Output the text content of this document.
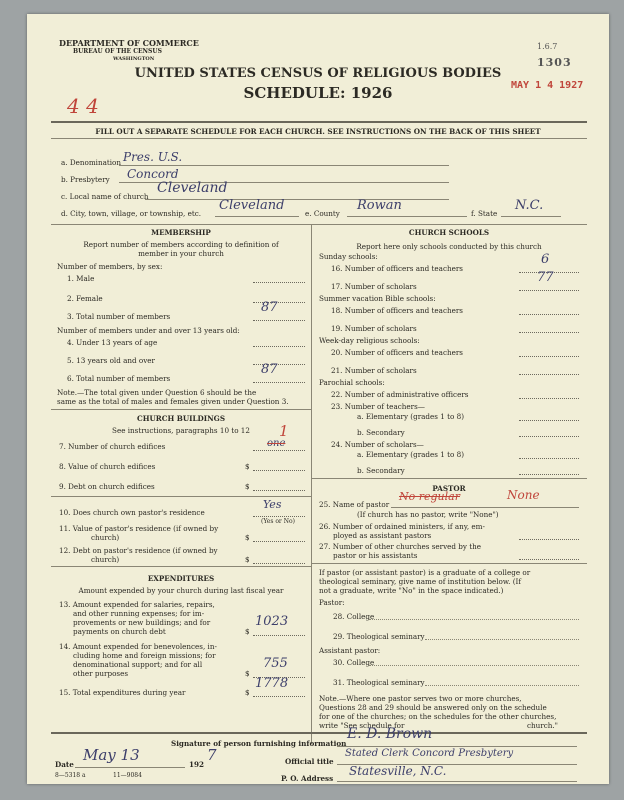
DEPARTMENT OF COMMERCE
BUREAU OF THE CENSUS
WASHINGTON
UNITED STATES CENSUS OF RELIGIOUS BODIES
SCHEDULE: 1926
1.6.7
1303
MAY 1 4 1927
4 4
FILL OUT A SEPARATE SCHEDULE FOR EACH CHURCH. SEE INSTRUCTIONS ON THE BACK OF THIS SHEET
a. Denomination Pres. U.S.
b. Presbytery Concord
c. Local name of church
Cleveland
d. City, town, village, or township, etc.
Cleveland
e. County
Rowan
f. State
N.C.
MEMBERSHIP
Report number of members according to definition of
member in your church
Number of members, by sex:
1. Male
2. Female
3. Total number of members
87
Number of members under and over 13 years old:
4. Under 13 years of age
5. 13 years old and over
6. Total number of members
87
Note.—The total given under Question 6 should be the
same as the total of males and females given under Question 3.
CHURCH BUILDINGS
See instructions, paragraphs 10 to 12
7. Number of church edifices
1
one
8. Value of church edifices	$
9. Debt on church edifices	$
10. Does church own pastor's residence
Yes
(Yes or No)
11. Value of pastor's residence (if owned by
church)	$
12. Debt on pastor's residence (if owned by
church)	$
EXPENDITURES
Amount expended by your church during last fiscal year
13. Amount expended for salaries, repairs,
and other running expenses; for im-
provements or new buildings; and for
payments on church debt	$
1023
14. Amount expended for benevolences, in-
cluding home and foreign missions; for
denominational support; and for all
other purposes	$
755
15. Total expenditures during year	$
1778
CHURCH SCHOOLS
Report here only schools conducted by this church
Sunday schools:
16. Number of officers and teachers
6
17. Number of scholars
77
Summer vacation Bible schools:
18. Number of officers and teachers
19. Number of scholars
Week-day religious schools:
20. Number of officers and teachers
21. Number of scholars
Parochial schools:
22. Number of administrative officers
23. Number of teachers—
a. Elementary (grades 1 to 8)
b. Secondary
24. Number of scholars—
a. Elementary (grades 1 to 8)
b. Secondary
PASTOR
25. Name of pastor
No regular	None
(If church has no pastor, write "None")
26. Number of ordained ministers, if any, em-
ployed as assistant pastors
27. Number of other churches served by the
pastor or his assistants
If pastor (or assistant pastor) is a graduate of a college or
theological seminary, give name of institution below. (If
not a graduate, write "No" in the space indicated.)
Pastor:
28. College
29. Theological seminary
Assistant pastor:
30. College
31. Theological seminary
Note.—Where one pastor serves two or more churches,
Questions 28 and 29 should be answered only on the schedule
for one of the churches; on the schedules for the other churches,
write "See schedule for	church."
Signature of person furnishing information
E. D. Brown
Official title
Stated Clerk Concord Presbytery
Date
May 13
192
7
P. O. Address
Statesville, N.C.
8—5318 a	11—9084
